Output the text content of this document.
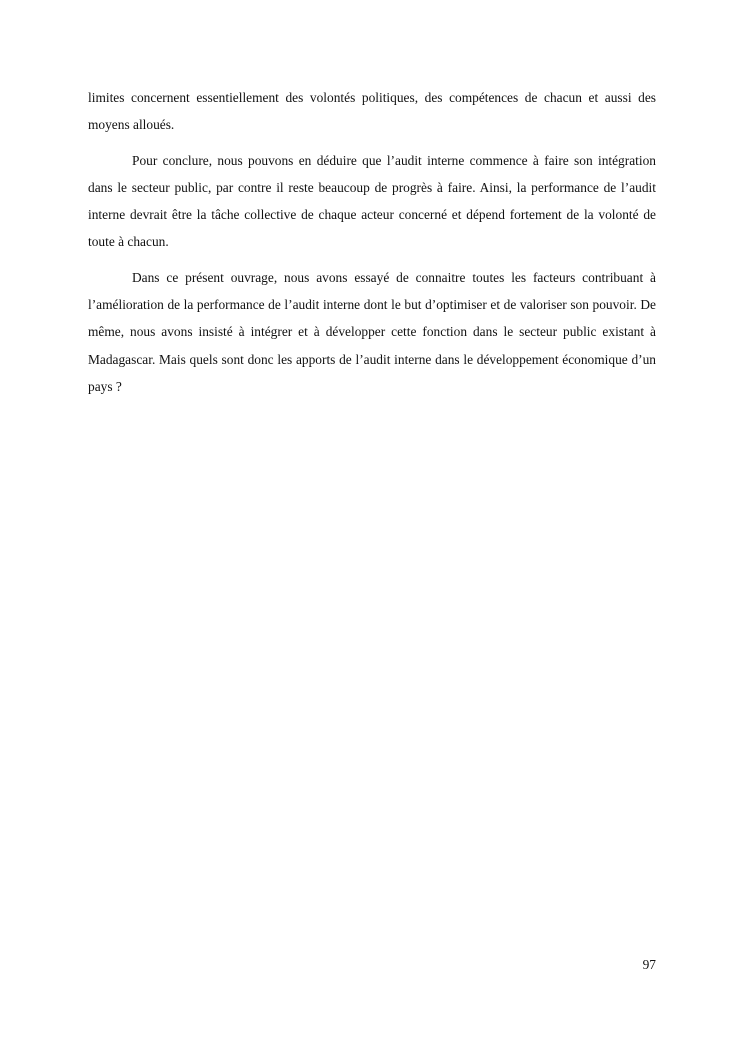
limites concernent essentiellement des volontés politiques, des compétences de chacun et aussi des moyens alloués.

Pour conclure, nous pouvons en déduire que l’audit interne commence à faire son intégration dans le secteur public, par contre il reste beaucoup de progrès à faire. Ainsi, la performance de l’audit interne devrait être la tâche collective de chaque acteur concerné et dépend fortement de la volonté de toute à chacun.

Dans ce présent ouvrage, nous avons essayé de connaitre toutes les facteurs contribuant à l’amélioration de la performance de l’audit interne dont le but d’optimiser et de valoriser son pouvoir. De même, nous avons insisté à intégrer et à développer cette fonction dans le secteur public existant à Madagascar. Mais quels sont donc les apports de l’audit interne dans le développement économique d’un pays ?

97
